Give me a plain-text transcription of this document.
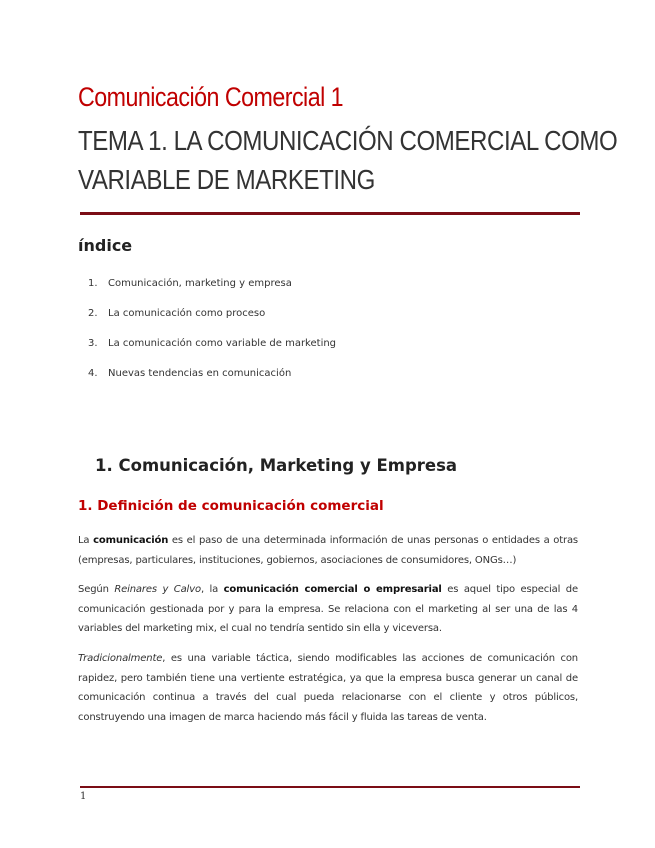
Comunicación Comercial 1
TEMA 1. LA COMUNICACIÓN COMERCIAL COMO
VARIABLE DE MARKETING
índice
1. Comunicación, marketing y empresa
2. La comunicación como proceso
3. La comunicación como variable de marketing
4. Nuevas tendencias en comunicación
1. Comunicación, Marketing y Empresa
1. Definición de comunicación comercial

La comunicación es el paso de una determinada información de unas personas o entidades a otras (empresas, particulares, instituciones, gobiernos, asociaciones de consumidores, ONGs…)

Según Reinares y Calvo, la comunicación comercial o empresarial es aquel tipo especial de comunicación gestionada por y para la empresa. Se relaciona con el marketing al ser una de las 4 variables del marketing mix, el cual no tendría sentido sin ella y viceversa.

Tradicionalmente, es una variable táctica, siendo modificables las acciones de comunicación con rapidez, pero también tiene una vertiente estratégica, ya que la empresa busca generar un canal de comunicación continua a través del cual pueda relacionarse con el cliente y otros públicos, construyendo una imagen de marca haciendo más fácil y fluida las tareas de venta.

1
